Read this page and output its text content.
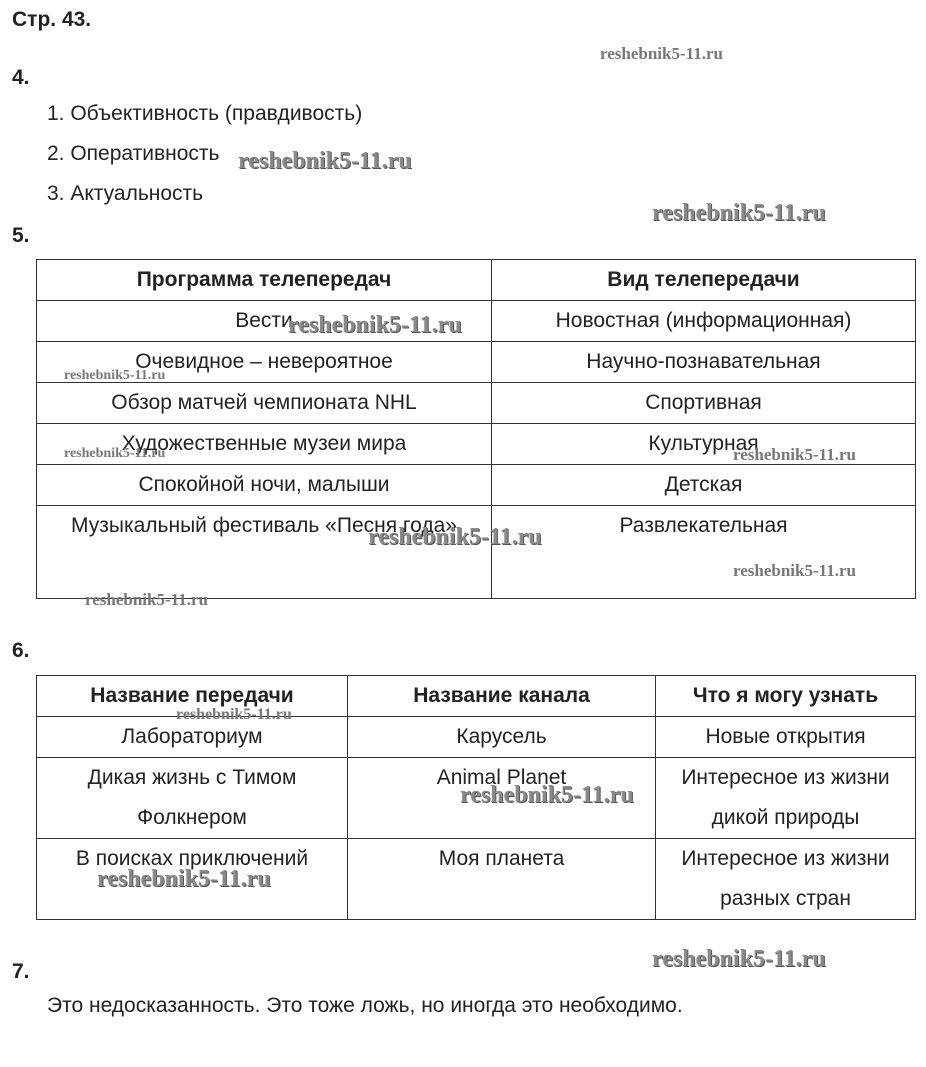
Стр. 43.
4.
1. Объективность (правдивость)
2. Оперативность
3. Актуальность
5.
Программа телепередач	Вид телепередачи
Вести	Новостная (информационная)
Очевидное – невероятное	Научно-познавательная
Обзор матчей чемпионата NHL	Спортивная
Художественные музеи мира	Культурная
Спокойной ночи, малыши	Детская
Музыкальный фестиваль «Песня года»	Развлекательная
6.
Название передачи	Название канала	Что я могу узнать
Лабораториум	Карусель	Новые открытия
Дикая жизнь с Тимом Фолкнером	Animal Planet	Интересное из жизни дикой природы
В поисках приключений	Моя планета	Интересное из жизни разных стран
7.
Это недосказанность. Это тоже ложь, но иногда это необходимо.
reshebnik5-11.ru
reshebnik5-11.ru
reshebnik5-11.ru
reshebnik5-11.ru
reshebnik5-11.ru
reshebnik5-11.ru	reshebnik5-11.ru
reshebnik5-11.ru
reshebnik5-11.ru
reshebnik5-11.ru
reshebnik5-11.ru
reshebnik5-11.ru
reshebnik5-11.ru
reshebnik5-11.ru
